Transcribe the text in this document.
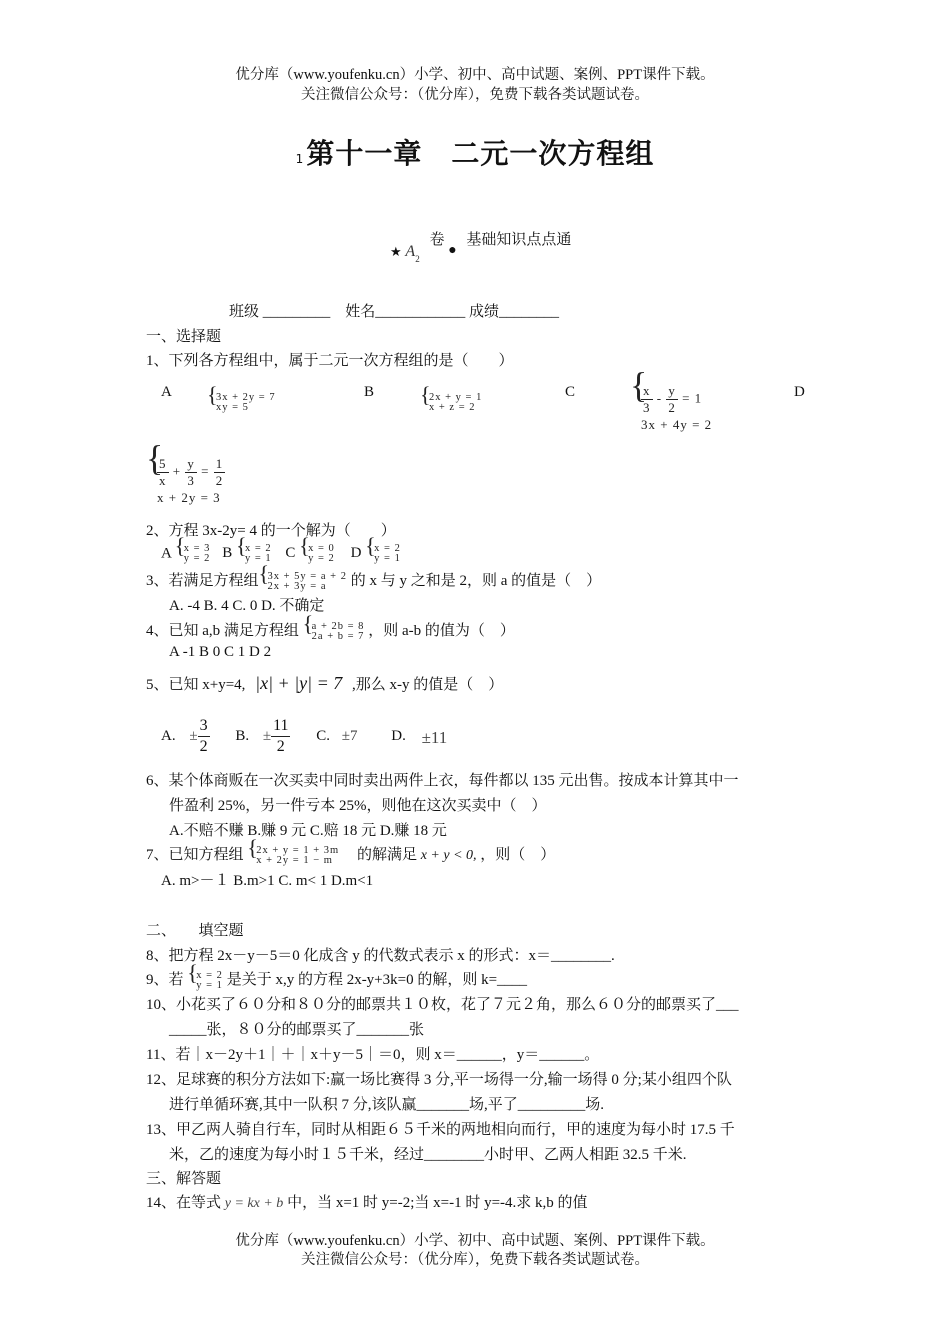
优分库（www.youfenku.cn）小学、初中、高中试题、案例、PPT课件下载。
关注微信公众号：（优分库），免费下载各类试题试卷。
1第十一章　二元一次方程组
★ $A_2$ 卷 ● 基础知识点点通
班级 _________　姓名____________ 成绩________
一、选择题
1、下列各方程组中，属于二元一次方程组的是（　　）
A	{ 3x + 2y = 7
xy = 5
B	{ 2x + y = 1
x + z = 2
C	{ $\frac{x}{3} - \frac{y}{2} = 1$
3x + 4y = 2
D
{ $\frac{5}{x} + \frac{y}{3} = \frac{1}{2}$

x + 2y = 3
2、方程 3x-2y= 4 的一个解为（　　）
A { x = 3
y = 2 B { x = 2
y = 1 C { x = 0
y = 2 D { x = 2
y = 1
3、若满足方程组 { 3x + 5y = a + 2
2x + 3y = a 的 x 与 y 之和是 2，则 a 的值是（　）
A. -4 B. 4 C. 0 D. 不确定
4、已知 a,b 满足方程组 { a + 2b = 8
2a + b = 7 ，则 a-b 的值为（　）
A -1 B 0 C 1 D 2
5、已知 x+y=4, |x| + |y| = 7 ,那么 x-y 的值是（　）
A. ± $\frac{3}{2} B$. ± $\frac{11}{2} C$. ±7 D. ±11
6、某个体商贩在一次买卖中同时卖出两件上衣，每件都以 135 元出售。按成本计算其中一
件盈利 25%，另一件亏本 25%，则他在这次买卖中（　）
A.不赔不赚 B.赚 9 元 C.赔 18 元 D.赚 18 元
7、已知方程组 { 2x + y = 1 + 3m
x + 2y = 1 − m 的解满足 x + y < 0, ，则（　）
A. m>－１ B.m>1 C. m< 1 D.m<1
二、　　填空题
8、把方程 2x－y－5＝0 化成含 y 的代数式表示 x 的形式：x＝________.
9、若 { x = 2
y = 1 是关于 x,y 的方程 2x-y+3k=0 的解，则 k=____
10、小花买了６０分和８０分的邮票共１０枚，花了７元２角，那么６０分的邮票买了___
_____张，８０分的邮票买了_______张
11、若｜x－2y＋1｜＋｜x＋y－5｜＝0，则 x＝______，y＝______。
12、足球赛的积分方法如下:赢一场比赛得 3 分,平一场得一分,输一场得 0 分;某小组四个队
进行单循环赛,其中一队积 7 分,该队赢_______场,平了_________场.
13、甲乙两人骑自行车，同时从相距６５千米的两地相向而行，甲的速度为每小时 17.5 千
米，乙的速度为每小时１５千米，经过________小时甲、乙两人相距 32.5 千米.
三、解答题
14、在等式 y = kx + b 中，当 x=1 时 y=-2;当 x=-1 时 y=-4.求 k,b 的值
优分库（www.youfenku.cn）小学、初中、高中试题、案例、PPT课件下载。
关注微信公众号：（优分库），免费下载各类试题试卷。
